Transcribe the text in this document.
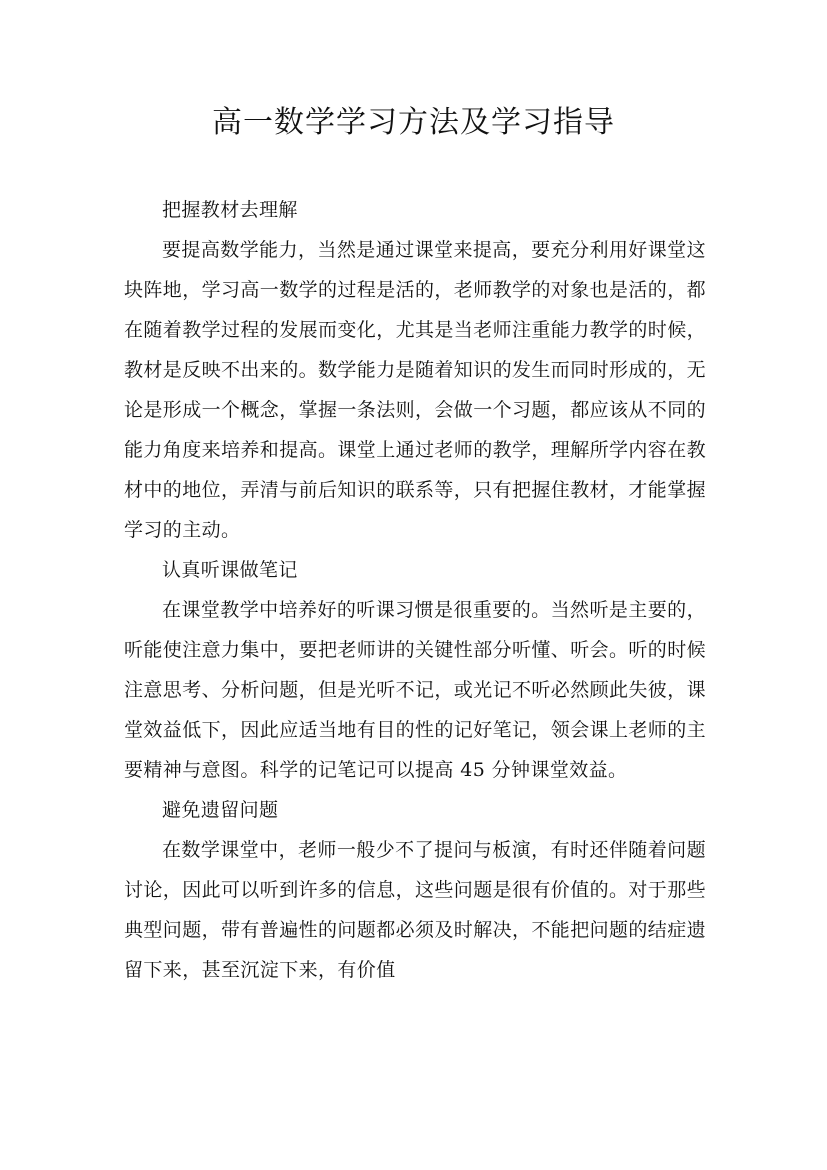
高一数学学习方法及学习指导

把握教材去理解

要提高数学能力，当然是通过课堂来提高，要充分利用好课堂这块阵地，学习高一数学的过程是活的，老师教学的对象也是活的，都在随着教学过程的发展而变化，尤其是当老师注重能力教学的时候，教材是反映不出来的。数学能力是随着知识的发生而同时形成的，无论是形成一个概念，掌握一条法则，会做一个习题，都应该从不同的能力角度来培养和提高。课堂上通过老师的教学，理解所学内容在教材中的地位，弄清与前后知识的联系等，只有把握住教材，才能掌握学习的主动。

认真听课做笔记

在课堂教学中培养好的听课习惯是很重要的。当然听是主要的，听能使注意力集中，要把老师讲的关键性部分听懂、听会。听的时候注意思考、分析问题，但是光听不记，或光记不听必然顾此失彼，课堂效益低下，因此应适当地有目的性的记好笔记，领会课上老师的主要精神与意图。科学的记笔记可以提高 45 分钟课堂效益。

避免遗留问题

在数学课堂中，老师一般少不了提问与板演，有时还伴随着问题讨论，因此可以听到许多的信息，这些问题是很有价值的。对于那些典型问题，带有普遍性的问题都必须及时解决，不能把问题的结症遗留下来，甚至沉淀下来，有价值
